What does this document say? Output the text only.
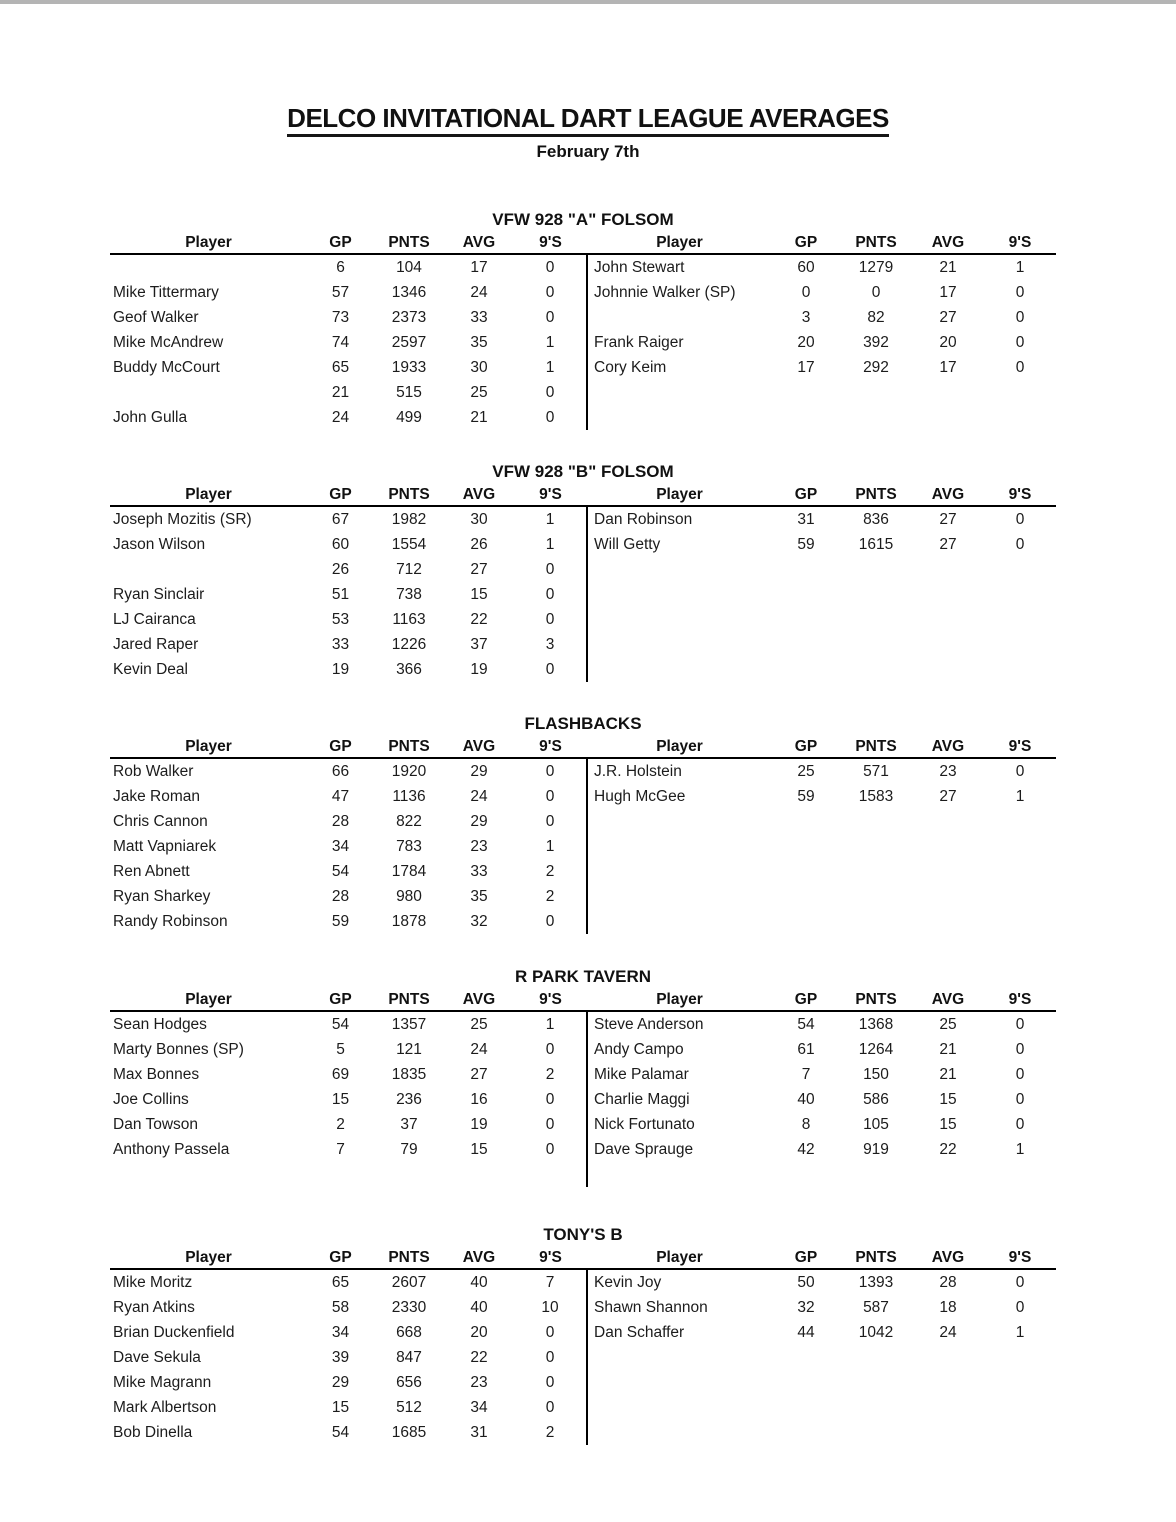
DELCO INVITATIONAL DART LEAGUE AVERAGES
February 7th
VFW 928 "A" FOLSOM
Player	GP	PNTS	AVG	9'S	Player	GP	PNTS	AVG	9'S
	6	104	17	0	John Stewart	60	1279	21	1
Mike Tittermary	57	1346	24	0	Johnnie Walker (SP)	0	0	17	0
Geof Walker	73	2373	33	0		3	82	27	0
Mike McAndrew	74	2597	35	1	Frank Raiger	20	392	20	0
Buddy McCourt	65	1933	30	1	Cory Keim	17	292	17	0
	21	515	25	0					
John Gulla	24	499	21	0					
VFW 928 "B" FOLSOM
Player	GP	PNTS	AVG	9'S	Player	GP	PNTS	AVG	9'S
Joseph Mozitis (SR)	67	1982	30	1	Dan Robinson	31	836	27	0
Jason Wilson	60	1554	26	1	Will Getty	59	1615	27	0
	26	712	27	0					
Ryan Sinclair	51	738	15	0					
LJ Cairanca	53	1163	22	0					
Jared Raper	33	1226	37	3					
Kevin Deal	19	366	19	0					
FLASHBACKS
Player	GP	PNTS	AVG	9'S	Player	GP	PNTS	AVG	9'S
Rob Walker	66	1920	29	0	J.R. Holstein	25	571	23	0
Jake Roman	47	1136	24	0	Hugh McGee	59	1583	27	1
Chris Cannon	28	822	29	0					
Matt Vapniarek	34	783	23	1					
Ren Abnett	54	1784	33	2					
Ryan Sharkey	28	980	35	2					
Randy Robinson	59	1878	32	0					
R PARK TAVERN
Player	GP	PNTS	AVG	9'S	Player	GP	PNTS	AVG	9'S
Sean Hodges	54	1357	25	1	Steve Anderson	54	1368	25	0
Marty Bonnes (SP)	5	121	24	0	Andy Campo	61	1264	21	0
Max Bonnes	69	1835	27	2	Mike Palamar	7	150	21	0
Joe Collins	15	236	16	0	Charlie Maggi	40	586	15	0
Dan Towson	2	37	19	0	Nick Fortunato	8	105	15	0
Anthony Passela	7	79	15	0	Dave Sprauge	42	919	22	1

TONY'S B
Player	GP	PNTS	AVG	9'S	Player	GP	PNTS	AVG	9'S
Mike Moritz	65	2607	40	7	Kevin Joy	50	1393	28	0
Ryan Atkins	58	2330	40	10	Shawn Shannon	32	587	18	0
Brian Duckenfield	34	668	20	0	Dan Schaffer	44	1042	24	1
Dave Sekula	39	847	22	0					
Mike Magrann	29	656	23	0					
Mark Albertson	15	512	34	0					
Bob Dinella	54	1685	31	2					
